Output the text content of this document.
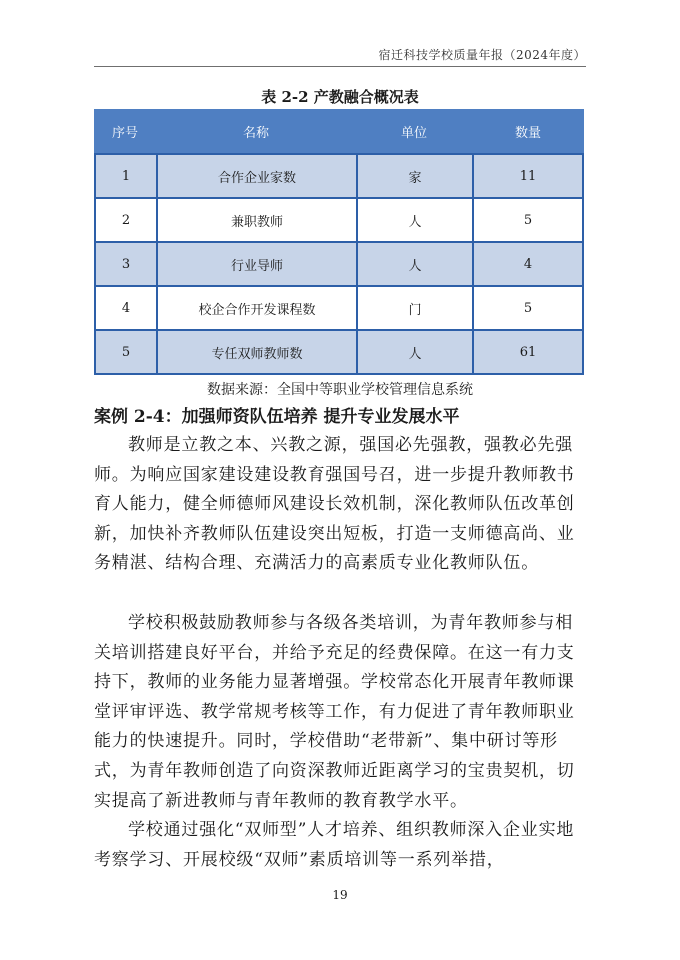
宿迁科技学校质量年报（2024年度）
表 2-2 产教融合概况表
序号	名称	单位	数量
1	合作企业家数	家	11
2	兼职教师	人	5
3	行业导师	人	4
4	校企合作开发课程数	门	5
5	专任双师教师数	人	61
数据来源：全国中等职业学校管理信息系统
案例 2-4：加强师资队伍培养 提升专业发展水平

教师是立教之本、兴教之源，强国必先强教，强教必先强师。为响应国家建设建设教育强国号召，进一步提升教师教书育人能力，健全师德师风建设长效机制，深化教师队伍改革创新，加快补齐教师队伍建设突出短板，打造一支师德高尚、业务精湛、结构合理、充满活力的高素质专业化教师队伍。

学校积极鼓励教师参与各级各类培训，为青年教师参与相关培训搭建良好平台，并给予充足的经费保障。在这一有力支持下，教师的业务能力显著增强。学校常态化开展青年教师课堂评审评选、教学常规考核等工作，有力促进了青年教师职业能力的快速提升。同时，学校借助“老带新”、集中研讨等形式，为青年教师创造了向资深教师近距离学习的宝贵契机，切实提高了新进教师与青年教师的教育教学水平。

学校通过强化“双师型”人才培养、组织教师深入企业实地考察学习、开展校级“双师”素质培训等一系列举措，

19
